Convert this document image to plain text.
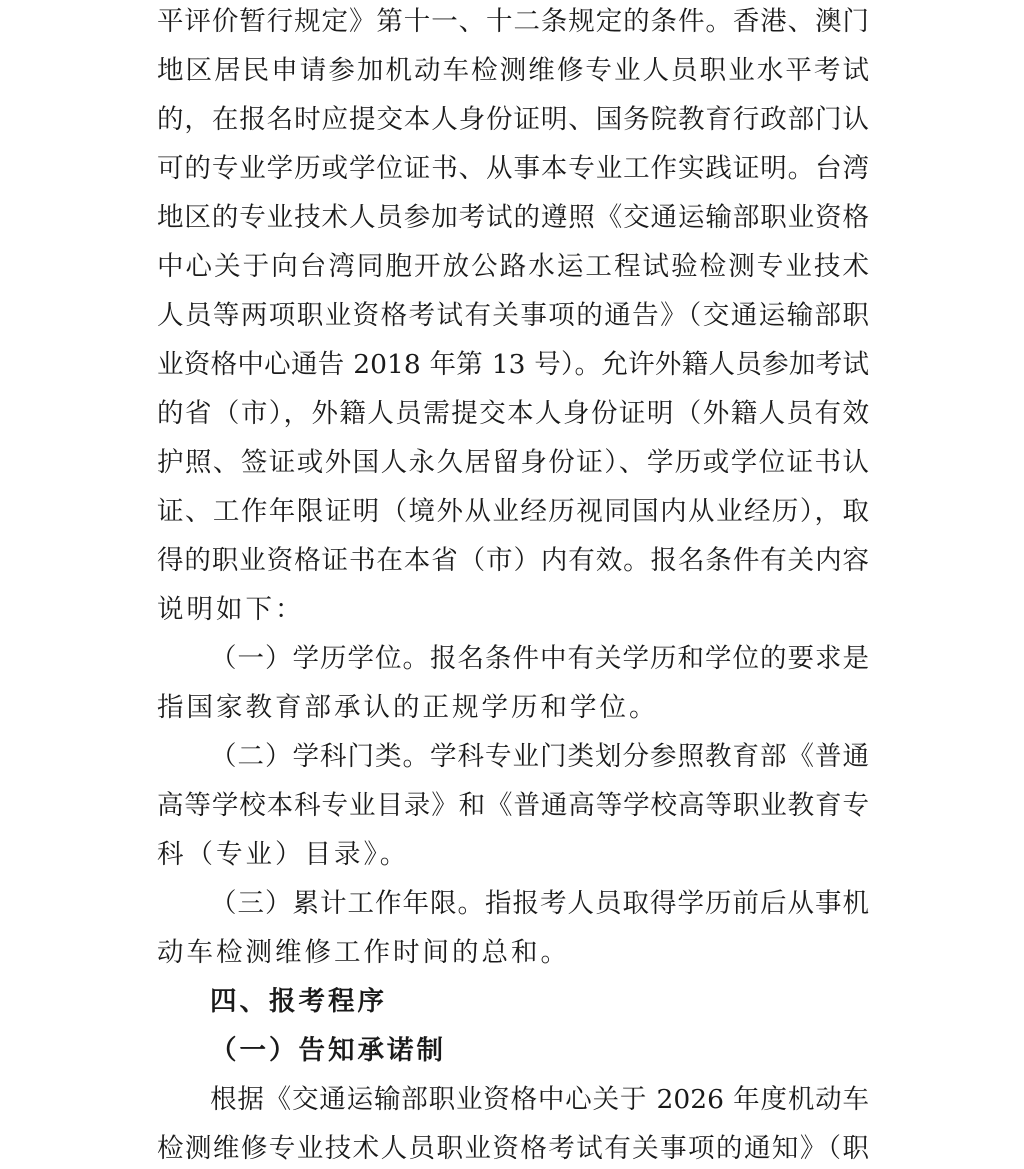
平评价暂行规定》第十一、十二条规定的条件。香港、澳门
地区居民申请参加机动车检测维修专业人员职业水平考试
的，在报名时应提交本人身份证明、国务院教育行政部门认
可的专业学历或学位证书、从事本专业工作实践证明。台湾
地区的专业技术人员参加考试的遵照《交通运输部职业资格
中心关于向台湾同胞开放公路水运工程试验检测专业技术
人员等两项职业资格考试有关事项的通告》（交通运输部职
业资格中心通告 2018 年第 13 号）。允许外籍人员参加考试
的省（市），外籍人员需提交本人身份证明（外籍人员有效
护照、签证或外国人永久居留身份证）、学历或学位证书认
证、工作年限证明（境外从业经历视同国内从业经历），取
得的职业资格证书在本省（市）内有效。报名条件有关内容
说明如下：
（一）学历学位。报名条件中有关学历和学位的要求是
指国家教育部承认的正规学历和学位。
（二）学科门类。学科专业门类划分参照教育部《普通
高等学校本科专业目录》和《普通高等学校高等职业教育专
科（专业）目录》。
（三）累计工作年限。指报考人员取得学历前后从事机
动车检测维修工作时间的总和。
四、报考程序
（一）告知承诺制
根据《交通运输部职业资格中心关于 2026 年度机动车
检测维修专业技术人员职业资格考试有关事项的通知》（职
